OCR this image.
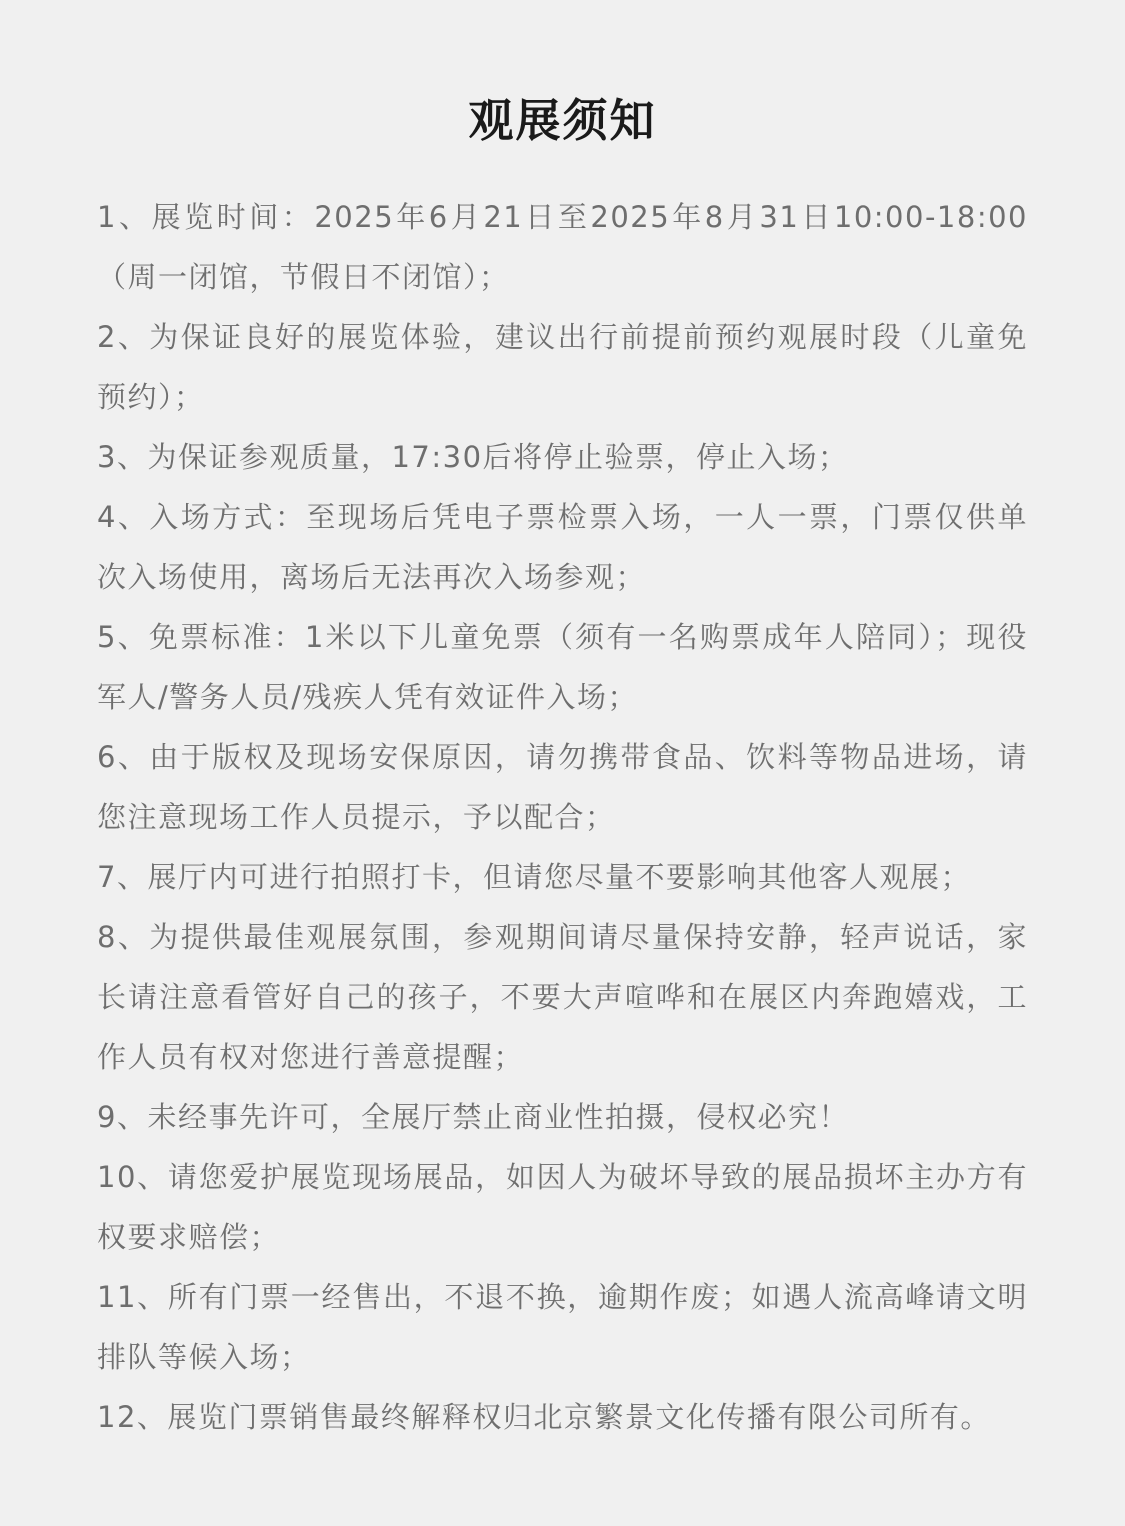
观展须知
1、展览时间：2025年6月21日至2025年8月31日10:00-18:00（周一闭馆，节假日不闭馆）；
2、为保证良好的展览体验，建议出行前提前预约观展时段（儿童免预约）；
3、为保证参观质量，17:30后将停止验票，停止入场；
4、入场方式：至现场后凭电子票检票入场，一人一票，门票仅供单次入场使用，离场后无法再次入场参观；
5、免票标准：1米以下儿童免票（须有一名购票成年人陪同）；现役军人/警务人员/残疾人凭有效证件入场；
6、由于版权及现场安保原因，请勿携带食品、饮料等物品进场，请您注意现场工作人员提示，予以配合；
7、展厅内可进行拍照打卡，但请您尽量不要影响其他客人观展；
8、为提供最佳观展氛围，参观期间请尽量保持安静，轻声说话，家长请注意看管好自己的孩子，不要大声喧哗和在展区内奔跑嬉戏，工作人员有权对您进行善意提醒；
9、未经事先许可，全展厅禁止商业性拍摄，侵权必究！
10、请您爱护展览现场展品，如因人为破坏导致的展品损坏主办方有权要求赔偿；
11、所有门票一经售出，不退不换，逾期作废；如遇人流高峰请文明排队等候入场；
12、展览门票销售最终解释权归北京繁景文化传播有限公司所有。
